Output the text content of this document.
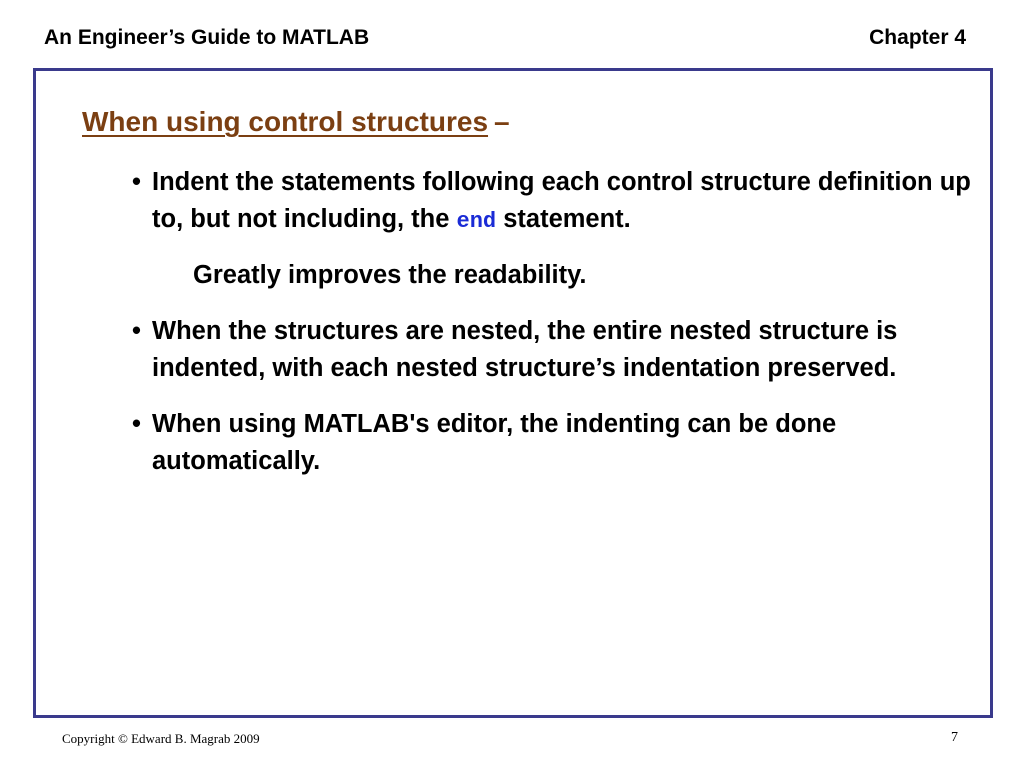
An Engineer’s Guide to MATLAB	Chapter 4
When using control structures –
• Indent the statements following each control structure definition up to, but not including, the end statement.
Greatly improves the readability.
• When the structures are nested, the entire nested structure is indented, with each nested structure’s indentation preserved.
• When using MATLAB's editor, the indenting can be done automatically.
Copyright © Edward B. Magrab 2009	7
